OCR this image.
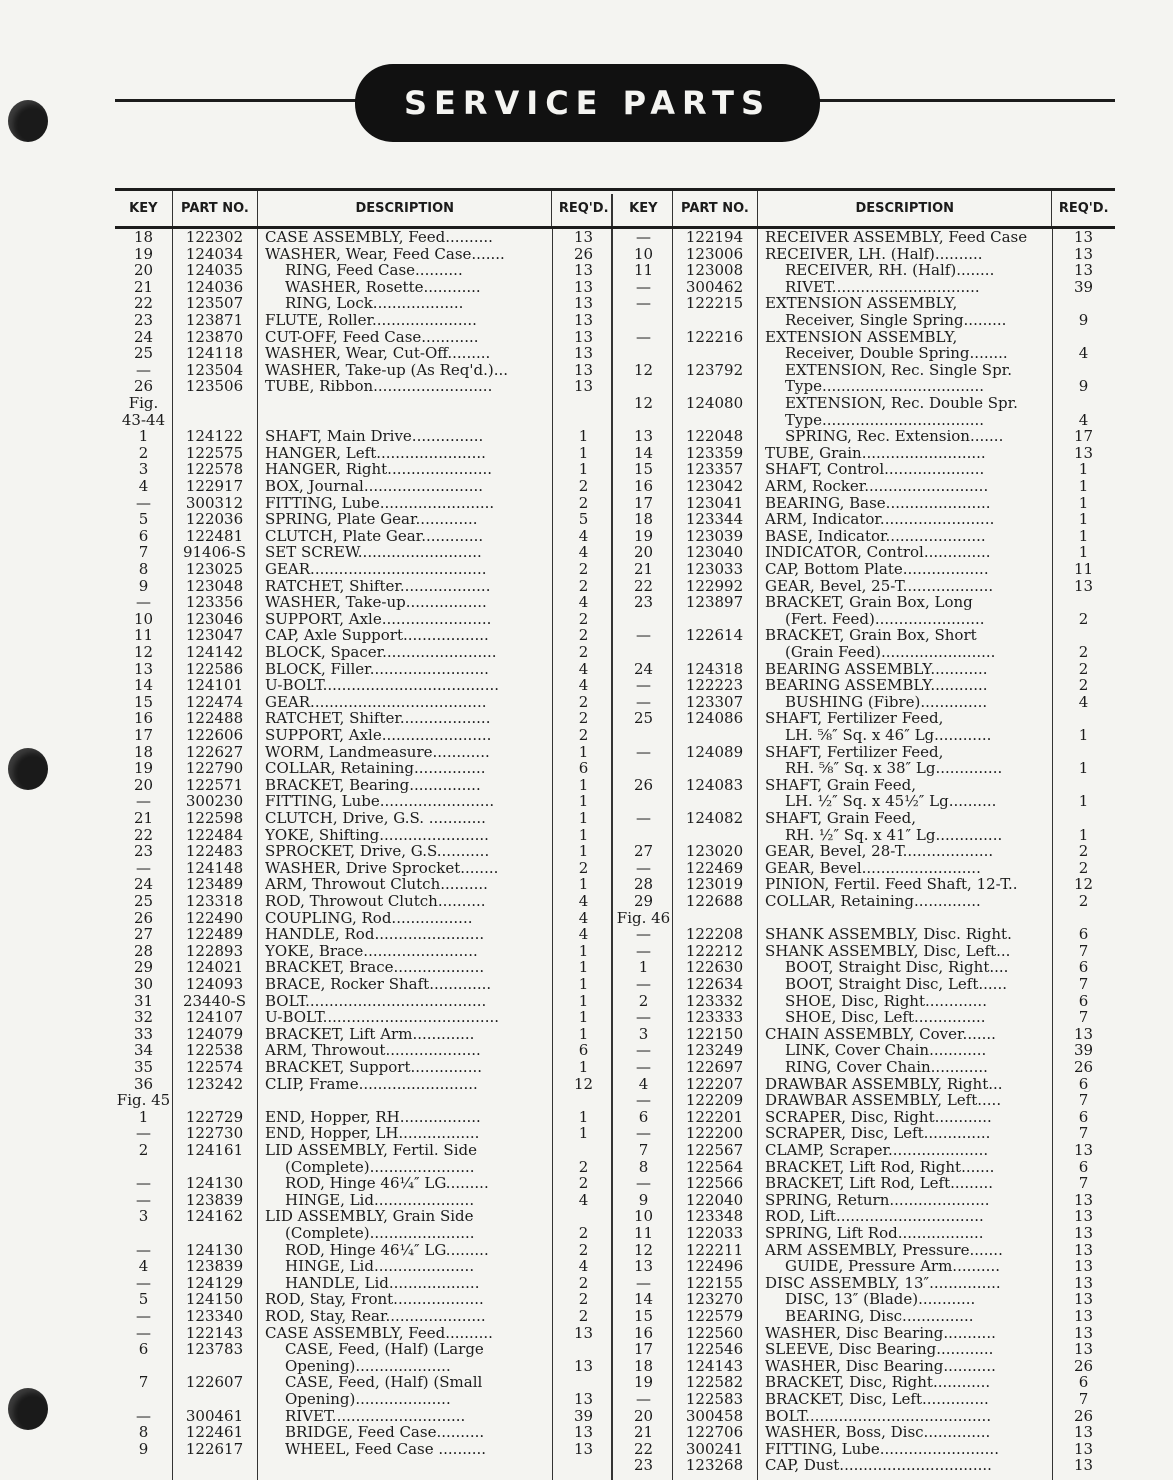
SERVICE PARTS
KEY	PART NO.	DESCRIPTION	REQ'D.
18	122302	CASE ASSEMBLY, Feed..........	13
19	124034	WASHER, Wear, Feed Case.......	26
20	124035	RING, Feed Case..........	13
21	124036	WASHER, Rosette............	13
22	123507	RING, Lock...................	13
23	123871	FLUTE, Roller......................	13
24	123870	CUT-OFF, Feed Case............	13
25	124118	WASHER, Wear, Cut-Off.........	13
—	123504	WASHER, Take-up (As Req'd.)...	13
26	123506	TUBE, Ribbon.........................	13
Fig.
43-44
1	124122	SHAFT, Main Drive...............	1
2	122575	HANGER, Left.......................	1
3	122578	HANGER, Right......................	1
4	122917	BOX, Journal.........................	2
—	300312	FITTING, Lube........................	2
5	122036	SPRING, Plate Gear.............	5
6	122481	CLUTCH, Plate Gear.............	4
7	91406-S	SET SCREW..........................	4
8	123025	GEAR.....................................	2
9	123048	RATCHET, Shifter...................	2
—	123356	WASHER, Take-up.................	4
10	123046	SUPPORT, Axle.......................	2
11	123047	CAP, Axle Support..................	2
12	124142	BLOCK, Spacer........................	2
13	122586	BLOCK, Filler.........................	4
14	124101	U-BOLT.....................................	4
15	122474	GEAR.....................................	2
16	122488	RATCHET, Shifter...................	2
17	122606	SUPPORT, Axle.......................	2
18	122627	WORM, Landmeasure............	1
19	122790	COLLAR, Retaining...............	6
20	122571	BRACKET, Bearing...............	1
—	300230	FITTING, Lube........................	1
21	122598	CLUTCH, Drive, G.S. ............	1
22	122484	YOKE, Shifting.......................	1
23	122483	SPROCKET, Drive, G.S...........	1
—	124148	WASHER, Drive Sprocket........	2
24	123489	ARM, Throwout Clutch..........	1
25	123318	ROD, Throwout Clutch..........	4
26	122490	COUPLING, Rod.................	4
27	122489	HANDLE, Rod.......................	4
28	122893	YOKE, Brace........................	1
29	124021	BRACKET, Brace...................	1
30	124093	BRACE, Rocker Shaft.............	1
31	23440-S	BOLT......................................	1
32	124107	U-BOLT.....................................	1
33	124079	BRACKET, Lift Arm.............	1
34	122538	ARM, Throwout....................	6
35	122574	BRACKET, Support...............	1
36	123242	CLIP, Frame.........................	12
Fig. 45
1	122729	END, Hopper, RH.................	1
—	122730	END, Hopper, LH.................	1
2	124161	LID ASSEMBLY, Fertil. Side
(Complete)......................	2
—	124130	ROD, Hinge 46¼″ LG.........	2
—	123839	HINGE, Lid.....................	4
3	124162	LID ASSEMBLY, Grain Side
(Complete)......................	2
—	124130	ROD, Hinge 46¼″ LG.........	2
4	123839	HINGE, Lid.....................	4
—	124129	HANDLE, Lid...................	2
5	124150	ROD, Stay, Front...................	2
—	123340	ROD, Stay, Rear.....................	2
—	122143	CASE ASSEMBLY, Feed..........	13
6	123783	CASE, Feed, (Half) (Large
Opening)....................	13
7	122607	CASE, Feed, (Half) (Small
Opening)....................	13
—	300461	RIVET............................	39
8	122461	BRIDGE, Feed Case..........	13
9	122617	WHEEL, Feed Case ..........	13
KEY	PART NO.	DESCRIPTION	REQ'D.
—	122194	RECEIVER ASSEMBLY, Feed Case	13
10	123006	RECEIVER, LH. (Half)..........	13
11	123008	RECEIVER, RH. (Half)........	13
—	300462	RIVET...............................	39
—	122215	EXTENSION ASSEMBLY,
Receiver, Single Spring.........	9
—	122216	EXTENSION ASSEMBLY,
Receiver, Double Spring........	4
12	123792	EXTENSION, Rec. Single Spr.
Type..................................	9
12	124080	EXTENSION, Rec. Double Spr.
Type..................................	4
13	122048	SPRING, Rec. Extension.......	17
14	123359	TUBE, Grain..........................	13
15	123357	SHAFT, Control.....................	1
16	123042	ARM, Rocker..........................	1
17	123041	BEARING, Base......................	1
18	123344	ARM, Indicator........................	1
19	123039	BASE, Indicator.....................	1
20	123040	INDICATOR, Control..............	1
21	123033	CAP, Bottom Plate..................	11
22	122992	GEAR, Bevel, 25-T...................	13
23	123897	BRACKET, Grain Box, Long
(Fert. Feed).......................	2
—	122614	BRACKET, Grain Box, Short
(Grain Feed)........................	2
24	124318	BEARING ASSEMBLY............	2
—	122223	BEARING ASSEMBLY............	2
—	123307	BUSHING (Fibre)..............	4
25	124086	SHAFT, Fertilizer Feed,
LH. ⅝″ Sq. x 46″ Lg............	1
—	124089	SHAFT, Fertilizer Feed,
RH. ⅝″ Sq. x 38″ Lg..............	1
26	124083	SHAFT, Grain Feed,
LH. ½″ Sq. x 45½″ Lg..........	1
—	124082	SHAFT, Grain Feed,
RH. ½″ Sq. x 41″ Lg..............	1
27	123020	GEAR, Bevel, 28-T...................	2
—	122469	GEAR, Bevel.........................	2
28	123019	PINION, Fertil. Feed Shaft, 12-T..	12
29	122688	COLLAR, Retaining..............	2
Fig. 46
—	122208	SHANK ASSEMBLY, Disc. Right.	6
—	122212	SHANK ASSEMBLY, Disc, Left...	7
1	122630	BOOT, Straight Disc, Right....	6
—	122634	BOOT, Straight Disc, Left......	7
2	123332	SHOE, Disc, Right.............	6
—	123333	SHOE, Disc, Left...............	7
3	122150	CHAIN ASSEMBLY, Cover.......	13
—	123249	LINK, Cover Chain............	39
—	122697	RING, Cover Chain............	26
4	122207	DRAWBAR ASSEMBLY, Right...	6
—	122209	DRAWBAR ASSEMBLY, Left.....	7
6	122201	SCRAPER, Disc, Right............	6
—	122200	SCRAPER, Disc, Left..............	7
7	122567	CLAMP, Scraper.....................	13
8	122564	BRACKET, Lift Rod, Right.......	6
—	122566	BRACKET, Lift Rod, Left.........	7
9	122040	SPRING, Return.....................	13
10	123348	ROD, Lift...............................	13
11	122033	SPRING, Lift Rod..................	13
12	122211	ARM ASSEMBLY, Pressure.......	13
13	122496	GUIDE, Pressure Arm..........	13
—	122155	DISC ASSEMBLY, 13″...............	13
14	123270	DISC, 13″ (Blade)............	13
15	122579	BEARING, Disc...............	13
16	122560	WASHER, Disc Bearing...........	13
17	122546	SLEEVE, Disc Bearing............	13
18	124143	WASHER, Disc Bearing...........	26
19	122582	BRACKET, Disc, Right............	6
—	122583	BRACKET, Disc, Left..............	7
20	300458	BOLT.......................................	26
21	122706	WASHER, Boss, Disc..............	13
22	300241	FITTING, Lube.........................	13
23	123268	CAP, Dust................................	13
